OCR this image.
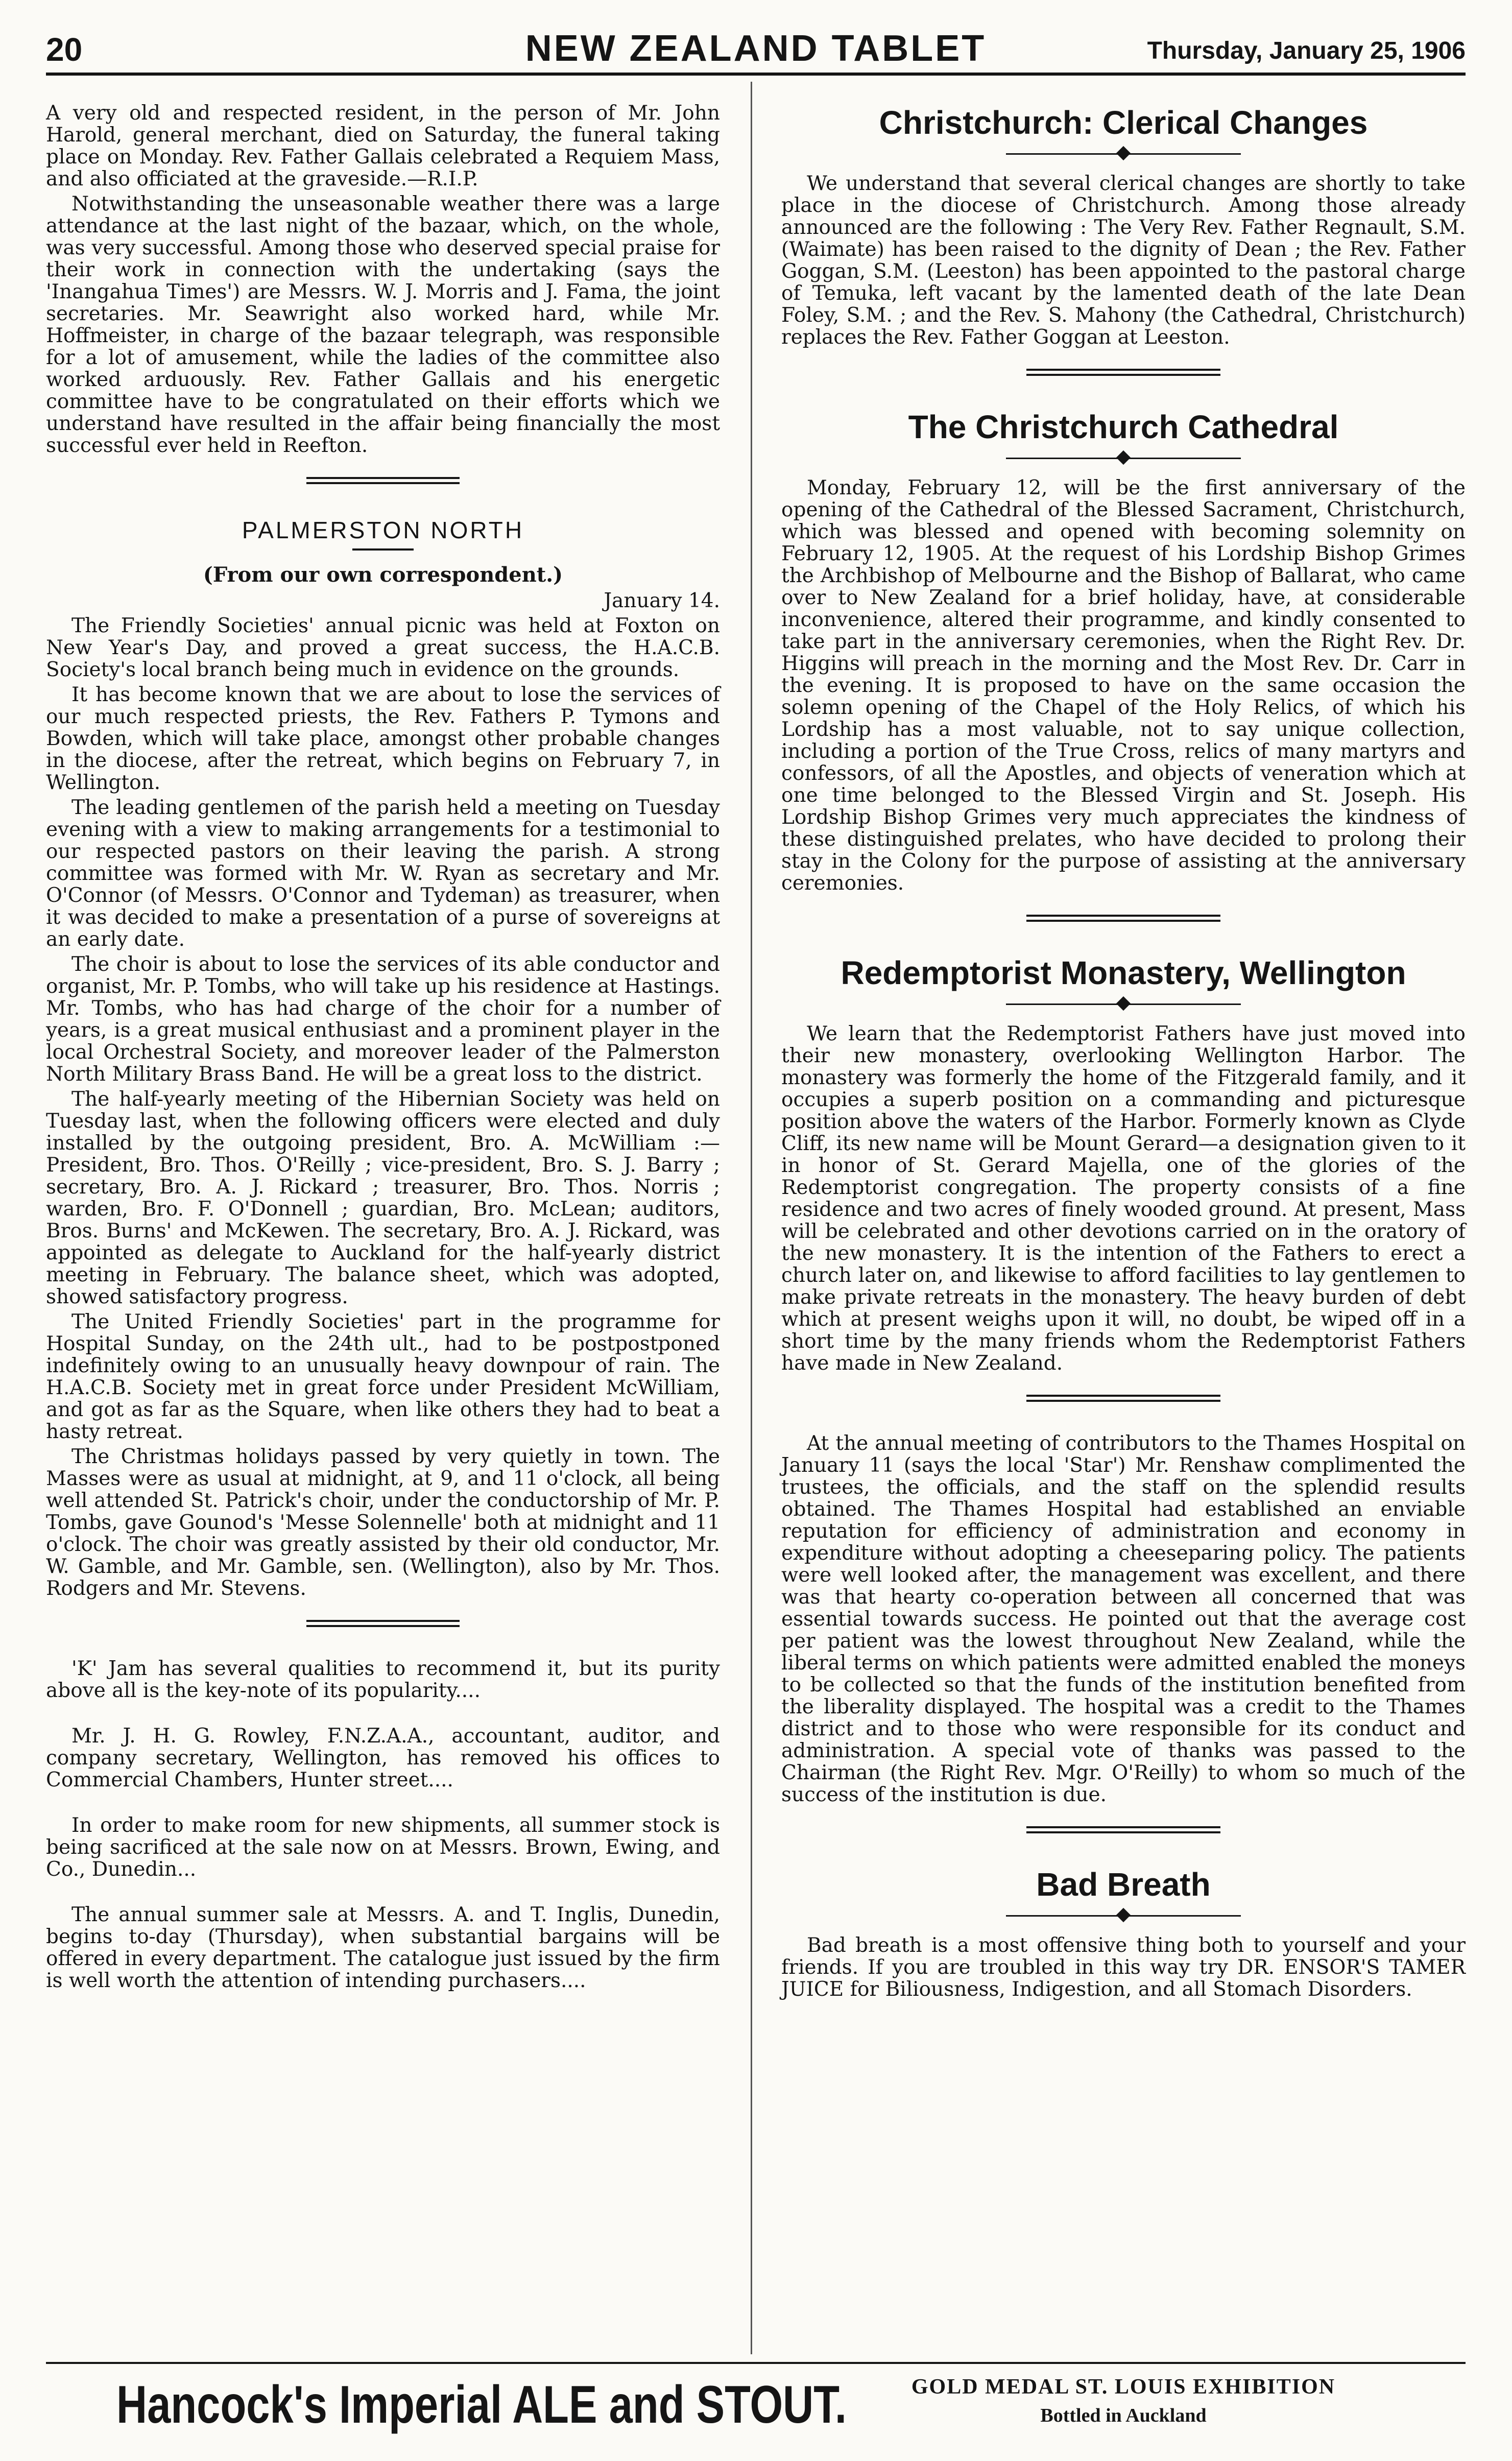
20	NEW ZEALAND TABLET	Thursday, January 25, 1906

A very old and respected resident, in the person of Mr. John Harold, general merchant, died on Saturday, the funeral taking place on Monday. Rev. Father Gallais celebrated a Requiem Mass, and also officiated at the graveside.—R.I.P.

Notwithstanding the unseasonable weather there was a large attendance at the last night of the bazaar, which, on the whole, was very successful. Among those who deserved special praise for their work in connection with the undertaking (says the 'Inangahua Times') are Messrs. W. J. Morris and J. Fama, the joint secretaries. Mr. Seawright also worked hard, while Mr. Hoffmeister, in charge of the bazaar telegraph, was responsible for a lot of amusement, while the ladies of the committee also worked arduously. Rev. Father Gallais and his energetic committee have to be congratulated on their efforts which we understand have resulted in the affair being financially the most successful ever held in Reefton.

PALMERSTON NORTH
(From our own correspondent.)

January 14.

The Friendly Societies' annual picnic was held at Foxton on New Year's Day, and proved a great success, the H.A.C.B. Society's local branch being much in evidence on the grounds.

It has become known that we are about to lose the services of our much respected priests, the Rev. Fathers P. Tymons and Bowden, which will take place, amongst other probable changes in the diocese, after the retreat, which begins on February 7, in Wellington.

The leading gentlemen of the parish held a meeting on Tuesday evening with a view to making arrangements for a testimonial to our respected pastors on their leaving the parish. A strong committee was formed with Mr. W. Ryan as secretary and Mr. O'Connor (of Messrs. O'Connor and Tydeman) as treasurer, when it was decided to make a presentation of a purse of sovereigns at an early date.

The choir is about to lose the services of its able conductor and organist, Mr. P. Tombs, who will take up his residence at Hastings. Mr. Tombs, who has had charge of the choir for a number of years, is a great musical enthusiast and a prominent player in the local Orchestral Society, and moreover leader of the Palmerston North Military Brass Band. He will be a great loss to the district.

The half-yearly meeting of the Hibernian Society was held on Tuesday last, when the following officers were elected and duly installed by the outgoing president, Bro. A. McWilliam :—President, Bro. Thos. O'Reilly ; vice-president, Bro. S. J. Barry ; secretary, Bro. A. J. Rickard ; treasurer, Bro. Thos. Norris ; warden, Bro. F. O'Donnell ; guardian, Bro. McLean; auditors, Bros. Burns' and McKewen. The secretary, Bro. A. J. Rickard, was appointed as delegate to Auckland for the half-yearly district meeting in February. The balance sheet, which was adopted, showed satisfactory progress.

The United Friendly Societies' part in the programme for Hospital Sunday, on the 24th ult., had to be postpostponed indefinitely owing to an unusually heavy downpour of rain. The H.A.C.B. Society met in great force under President McWilliam, and got as far as the Square, when like others they had to beat a hasty retreat.

The Christmas holidays passed by very quietly in town. The Masses were as usual at midnight, at 9, and 11 o'clock, all being well attended St. Patrick's choir, under the conductorship of Mr. P. Tombs, gave Gounod's 'Messe Solennelle' both at midnight and 11 o'clock. The choir was greatly assisted by their old conductor, Mr. W. Gamble, and Mr. Gamble, sen. (Wellington), also by Mr. Thos. Rodgers and Mr. Stevens.

'K' Jam has several qualities to recommend it, but its purity above all is the key-note of its popularity....

Mr. J. H. G. Rowley, F.N.Z.A.A., accountant, auditor, and company secretary, Wellington, has removed his offices to Commercial Chambers, Hunter street....

In order to make room for new shipments, all summer stock is being sacrificed at the sale now on at Messrs. Brown, Ewing, and Co., Dunedin...

The annual summer sale at Messrs. A. and T. Inglis, Dunedin, begins to-day (Thursday), when substantial bargains will be offered in every department. The catalogue just issued by the firm is well worth the attention of intending purchasers....

Christchurch: Clerical Changes

We understand that several clerical changes are shortly to take place in the diocese of Christchurch. Among those already announced are the following : The Very Rev. Father Regnault, S.M. (Waimate) has been raised to the dignity of Dean ; the Rev. Father Goggan, S.M. (Leeston) has been appointed to the pastoral charge of Temuka, left vacant by the lamented death of the late Dean Foley, S.M. ; and the Rev. S. Mahony (the Cathedral, Christchurch) replaces the Rev. Father Goggan at Leeston.

The Christchurch Cathedral

Monday, February 12, will be the first anniversary of the opening of the Cathedral of the Blessed Sacrament, Christchurch, which was blessed and opened with becoming solemnity on February 12, 1905. At the request of his Lordship Bishop Grimes the Archbishop of Melbourne and the Bishop of Ballarat, who came over to New Zealand for a brief holiday, have, at considerable inconvenience, altered their programme, and kindly consented to take part in the anniversary ceremonies, when the Right Rev. Dr. Higgins will preach in the morning and the Most Rev. Dr. Carr in the evening. It is proposed to have on the same occasion the solemn opening of the Chapel of the Holy Relics, of which his Lordship has a most valuable, not to say unique collection, including a portion of the True Cross, relics of many martyrs and confessors, of all the Apostles, and objects of veneration which at one time belonged to the Blessed Virgin and St. Joseph. His Lordship Bishop Grimes very much appreciates the kindness of these distinguished prelates, who have decided to prolong their stay in the Colony for the purpose of assisting at the anniversary ceremonies.

Redemptorist Monastery, Wellington

We learn that the Redemptorist Fathers have just moved into their new monastery, overlooking Wellington Harbor. The monastery was formerly the home of the Fitzgerald family, and it occupies a superb position on a commanding and picturesque position above the waters of the Harbor. Formerly known as Clyde Cliff, its new name will be Mount Gerard—a designation given to it in honor of St. Gerard Majella, one of the glories of the Redemptorist congregation. The property consists of a fine residence and two acres of finely wooded ground. At present, Mass will be celebrated and other devotions carried on in the oratory of the new monastery. It is the intention of the Fathers to erect a church later on, and likewise to afford facilities to lay gentlemen to make private retreats in the monastery. The heavy burden of debt which at present weighs upon it will, no doubt, be wiped off in a short time by the many friends whom the Redemptorist Fathers have made in New Zealand.

At the annual meeting of contributors to the Thames Hospital on January 11 (says the local 'Star') Mr. Renshaw complimented the trustees, the officials, and the staff on the splendid results obtained. The Thames Hospital had established an enviable reputation for efficiency of administration and economy in expenditure without adopting a cheeseparing policy. The patients were well looked after, the management was excellent, and there was that hearty co-operation between all concerned that was essential towards success. He pointed out that the average cost per patient was the lowest throughout New Zealand, while the liberal terms on which patients were admitted enabled the moneys to be collected so that the funds of the institution benefited from the liberality displayed. The hospital was a credit to the Thames district and to those who were responsible for its conduct and administration. A special vote of thanks was passed to the Chairman (the Right Rev. Mgr. O'Reilly) to whom so much of the success of the institution is due.

Bad Breath

Bad breath is a most offensive thing both to yourself and your friends. If you are troubled in this way try DR. ENSOR'S TAMER JUICE for Biliousness, Indigestion, and all Stomach Disorders.

Hancock's Imperial ALE and STOUT.	GOLD MEDAL ST. LOUIS EXHIBITION
Bottled in Auckland
